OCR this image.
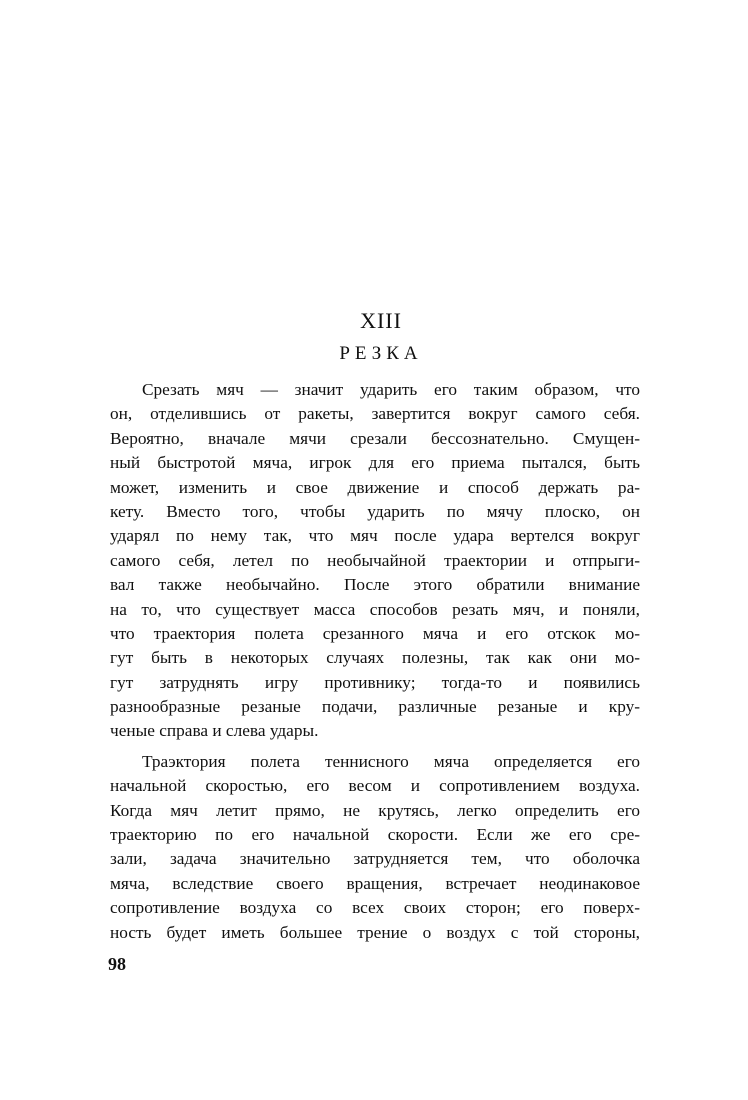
XIII
РЕЗКА
Срезать мяч — значит ударить его таким образом, что
он, отделившись от ракеты, завертится вокруг самого себя.
Вероятно, вначале мячи срезали бессознательно. Смущен-
ный быстротой мяча, игрок для его приема пытался, быть
может, изменить и свое движение и способ держать ра-
кету. Вместо того, чтобы ударить по мячу плоско, он
ударял по нему так, что мяч после удара вертелся вокруг
самого себя, летел по необычайной траектории и отпрыги-
вал также необычайно. После этого обратили внимание
на то, что существует масса способов резать мяч, и поняли,
что траектория полета срезанного мяча и его отскок мо-
гут быть в некоторых случаях полезны, так как они мо-
гут затруднять игру противнику; тогда-то и появились
разнообразные резаные подачи, различные резаные и кру-
ченые справа и слева удары.
Траэктория полета теннисного мяча определяется его
начальной скоростью, его весом и сопротивлением воздуха.
Когда мяч летит прямо, не крутясь, легко определить его
траекторию по его начальной скорости. Если же его сре-
зали, задача значительно затрудняется тем, что оболочка
мяча, вследствие своего вращения, встречает неодинаковое
сопротивление воздуха со всех своих сторон; его поверх-
ность будет иметь большее трение о воздух с той стороны,
98
